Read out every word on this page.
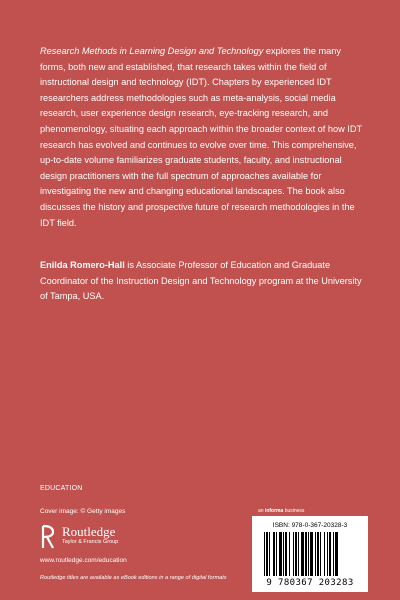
Research Methods in Learning Design and Technology explores the many forms, both new and established, that research takes within the field of instructional design and technology (IDT). Chapters by experienced IDT researchers address methodologies such as meta-analysis, social media research, user experience design research, eye-tracking research, and phenomenology, situating each approach within the broader context of how IDT research has evolved and continues to evolve over time. This comprehensive, up-to-date volume familiarizes graduate students, faculty, and instructional design practitioners with the full spectrum of approaches available for investigating the new and changing educational landscapes. The book also discusses the history and prospective future of research methodologies in the IDT field.

Enilda Romero-Hall is Associate Professor of Education and Graduate Coordinator of the Instruction Design and Technology program at the University of Tampa, USA.

EDUCATION
Cover image: © Getty images
Routledge
Taylor & Francis Group
www.routledge.com/education
Routledge titles are available as eBook editions in a range of digital formats
an informa business
ISBN: 978-0-367-20328-3
9 780367 203283
